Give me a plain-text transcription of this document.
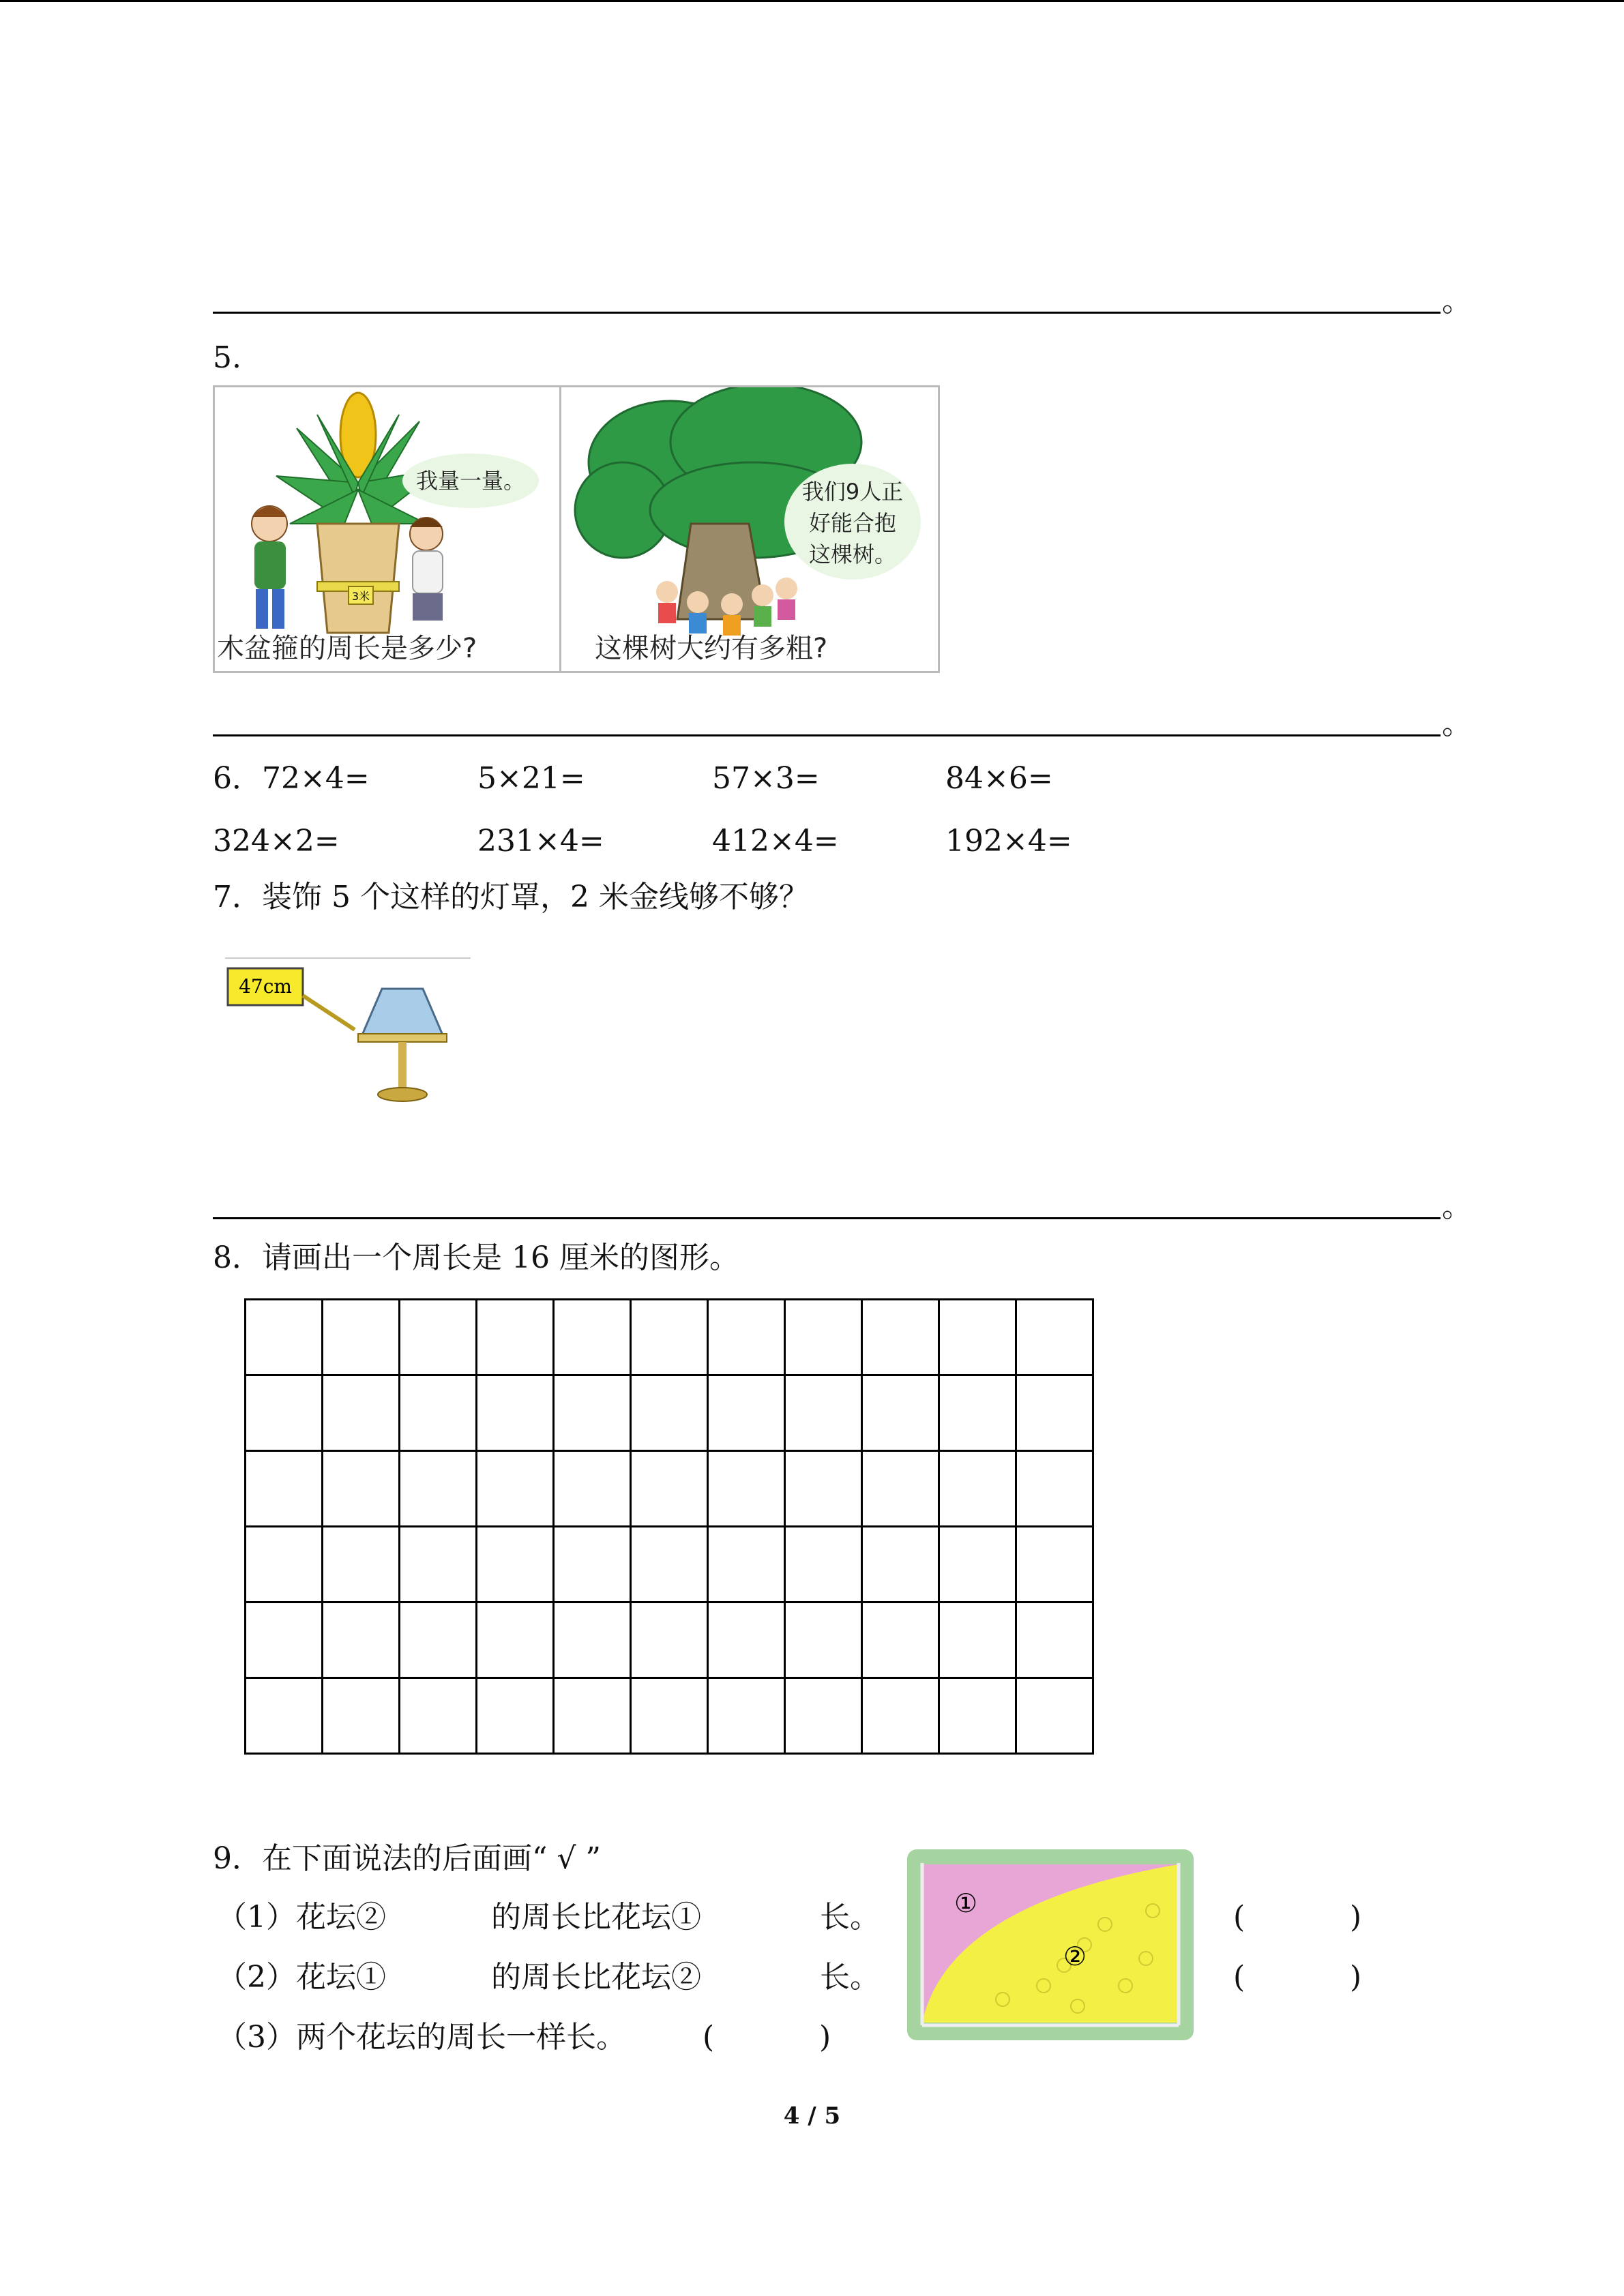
。
5.
3米
我量一量。
木盆箍的周长是多少?
我们9人正
好能合抱
这棵树。
这棵树大约有多粗?
。
6．72×4=	5×21=	57×3=	84×6=
324×2=	231×4=	412×4=	192×4=
7．装饰 5 个这样的灯罩，2 米金线够不够？
47cm
。
8．请画出一个周长是 16 厘米的图形。

9．在下面说法的后面画“ √ ”
（1）花坛②	的周长比花坛①	长。	(           )
（2）花坛①	的周长比花坛②	长。	(           )
（3）两个花坛的周长一样长。	(           )
①
②
4 / 5
